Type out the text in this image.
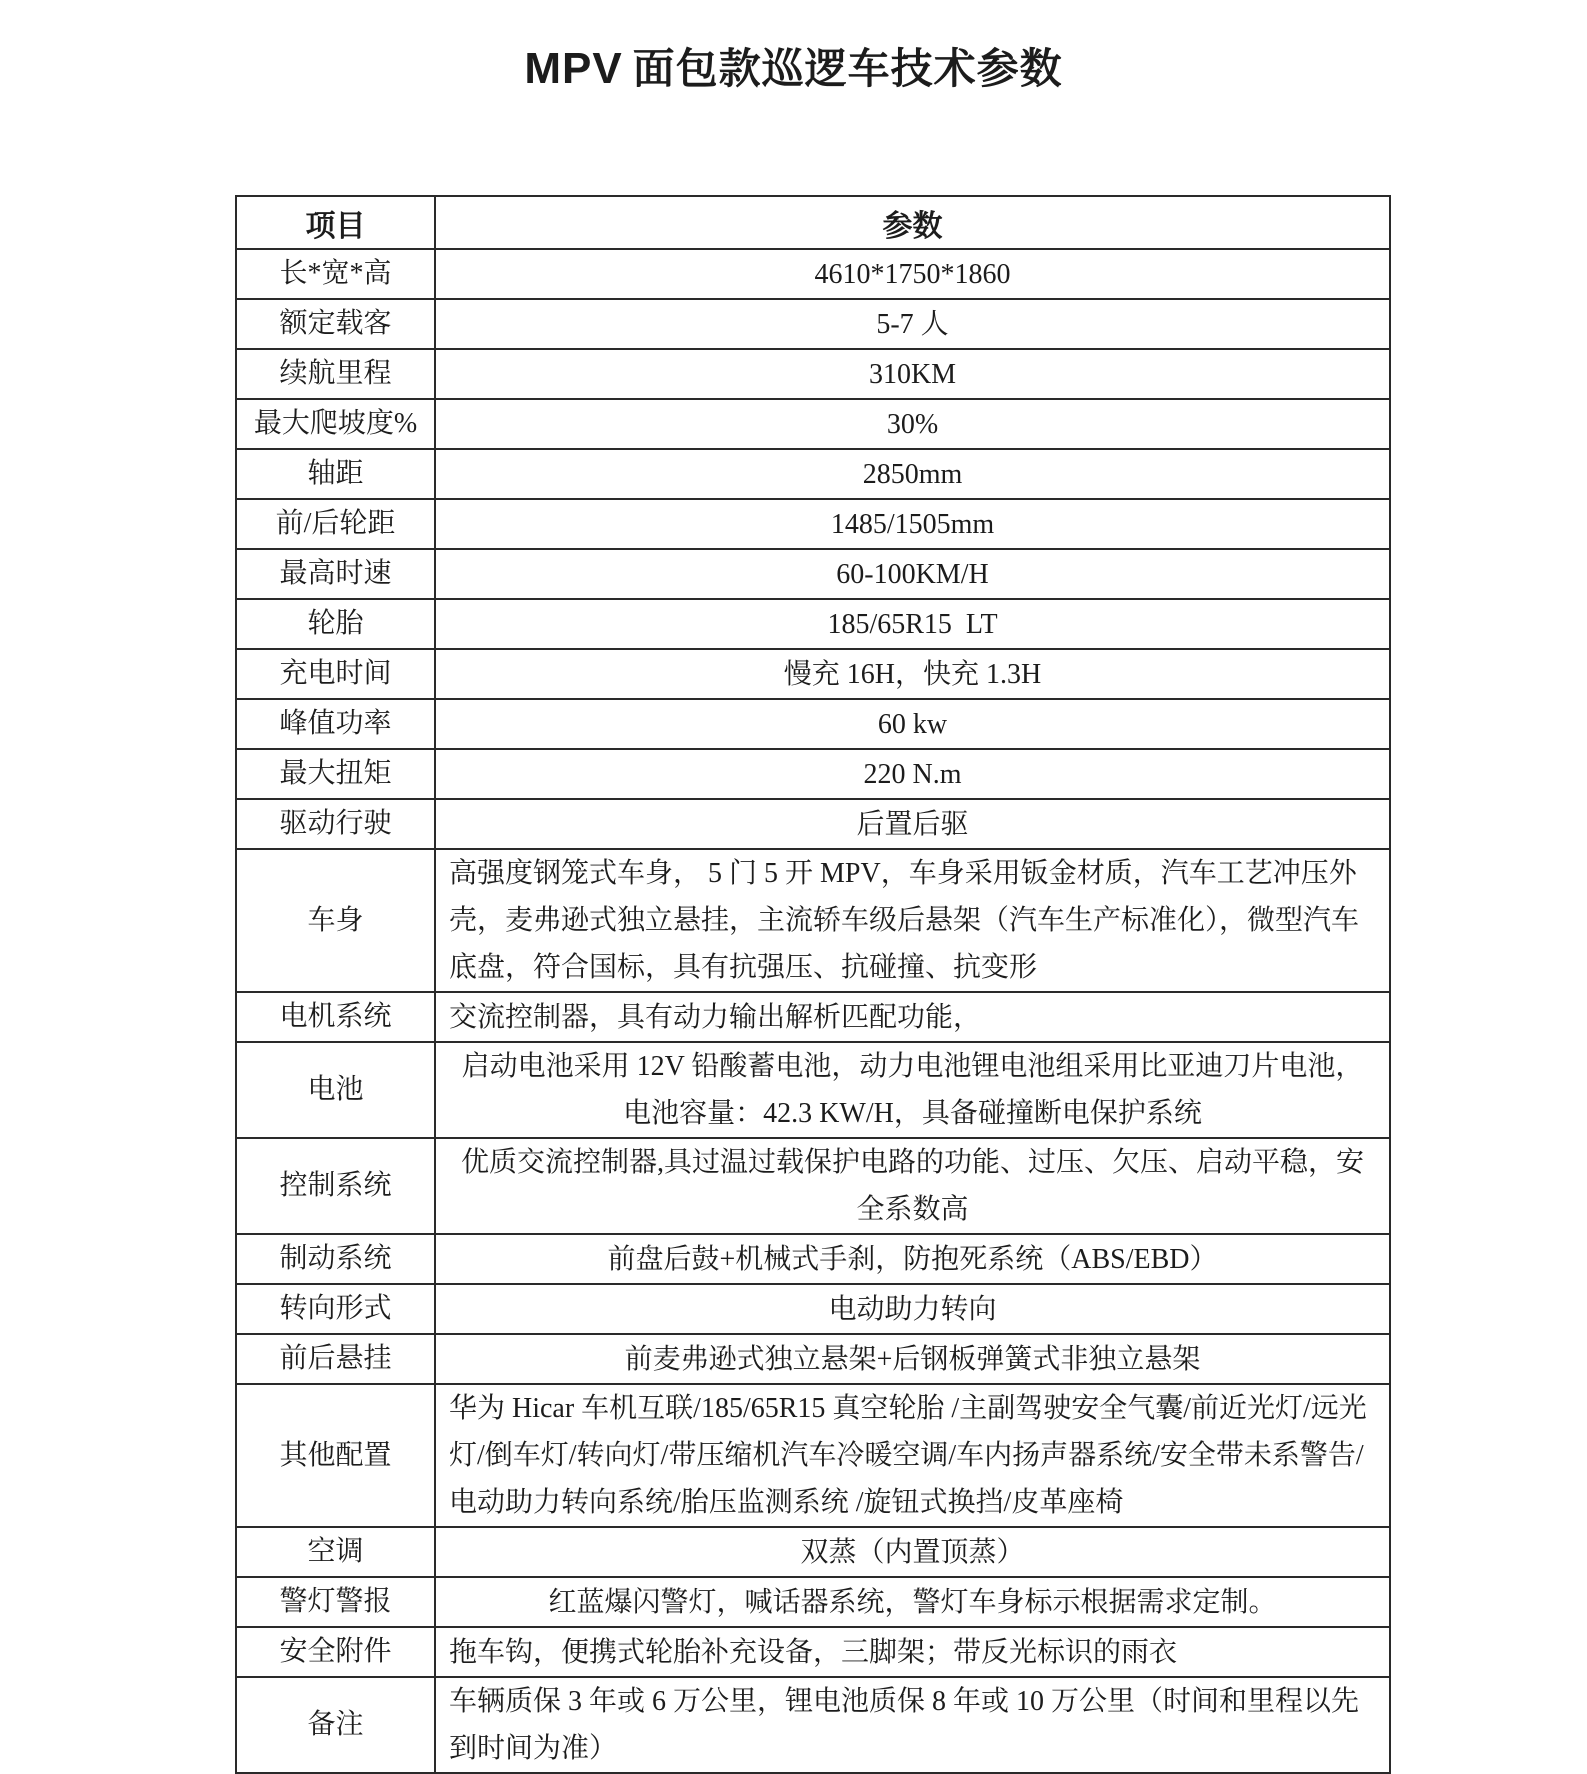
MPV 面包款巡逻车技术参数
项目	参数
长*宽*高	4610*1750*1860
额定载客	5-7 人
续航里程	310KM
最大爬坡度%	30%
轴距	2850mm
前/后轮距	1485/1505mm
最高时速	60-100KM/H
轮胎	185/65R15  LT
充电时间	慢充 16H，快充 1.3H
峰值功率	60 kw
最大扭矩	220 N.m
驱动行驶	后置后驱
车身	高强度钢笼式车身， 5 门 5 开 MPV，车身采用钣金材质，汽车工艺冲压外壳，麦弗逊式独立悬挂，主流轿车级后悬架（汽车生产标准化），微型汽车底盘，符合国标，具有抗强压、抗碰撞、抗变形
电机系统	交流控制器，具有动力输出解析匹配功能，
电池	启动电池采用 12V 铅酸蓄电池，动力电池锂电池组采用比亚迪刀片电池，电池容量：42.3 KW/H，具备碰撞断电保护系统
控制系统	优质交流控制器,具过温过载保护电路的功能、过压、欠压、启动平稳，安全系数高
制动系统	前盘后鼓+机械式手刹，防抱死系统（ABS/EBD）
转向形式	电动助力转向
前后悬挂	前麦弗逊式独立悬架+后钢板弹簧式非独立悬架
其他配置	华为 Hicar 车机互联/185/65R15 真空轮胎 /主副驾驶安全气囊/前近光灯/远光灯/倒车灯/转向灯/带压缩机汽车冷暖空调/车内扬声器系统/安全带未系警告/电动助力转向系统/胎压监测系统 /旋钮式换挡/皮革座椅
空调	双蒸（内置顶蒸）
警灯警报	红蓝爆闪警灯，喊话器系统，警灯车身标示根据需求定制。
安全附件	拖车钩，便携式轮胎补充设备，三脚架；带反光标识的雨衣
备注	车辆质保 3 年或 6 万公里，锂电池质保 8 年或 10 万公里（时间和里程以先到时间为准）
